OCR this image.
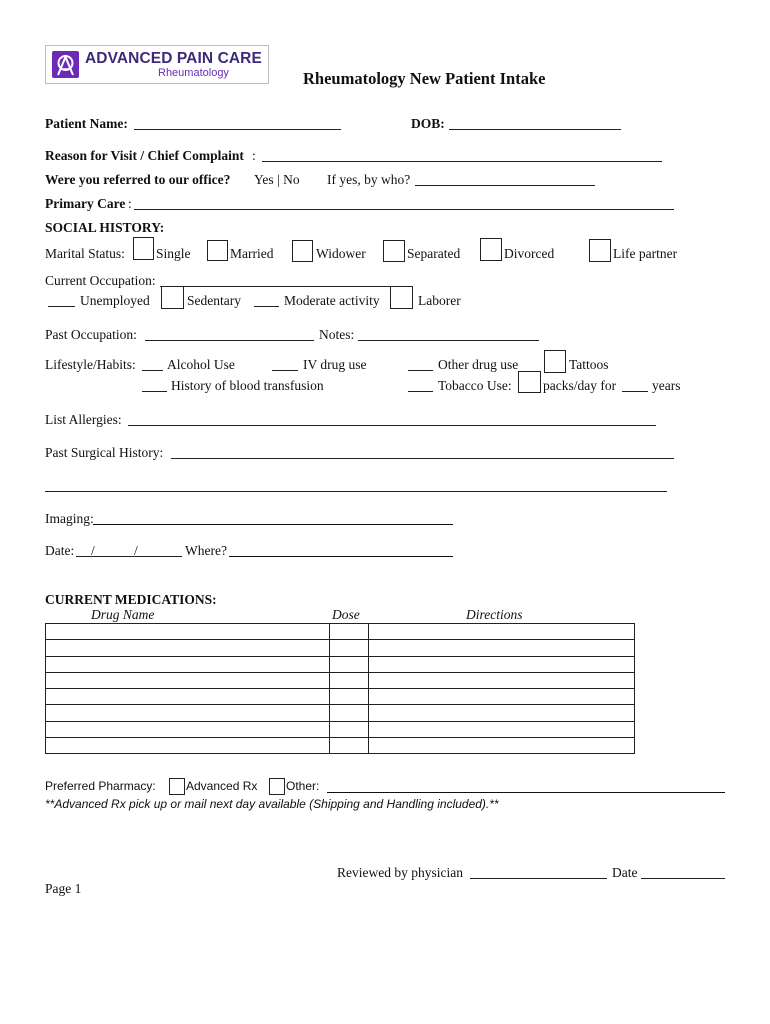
ADVANCED PAIN CARE
Rheumatology	Rheumatology New Patient Intake
Patient Name:	DOB:
Reason for Visit / Chief Complaint :
Were you referred to our office? Yes | No If yes, by who?
Primary Care :
SOCIAL HISTORY:
Marital Status: Single	Married	Widower	Separated	Divorced	Life partner
Current Occupation:
Unemployed	Sedentary	Moderate activity	Laborer
Past Occupation:	Notes:
Lifestyle/Habits: Alcohol Use	IV drug use	Other drug use	Tattoos
History of blood transfusion	Tobacco Use: packs/day for	years
List Allergies:
Past Surgical History:
Imaging:
Date: /	/	Where?
CURRENT MEDICATIONS:
Drug Name	Dose	Directions

Preferred Pharmacy:	Advanced Rx Other:
**Advanced Rx pick up or mail next day available (Shipping and Handling included).**
Reviewed by physician	Date
Page 1
